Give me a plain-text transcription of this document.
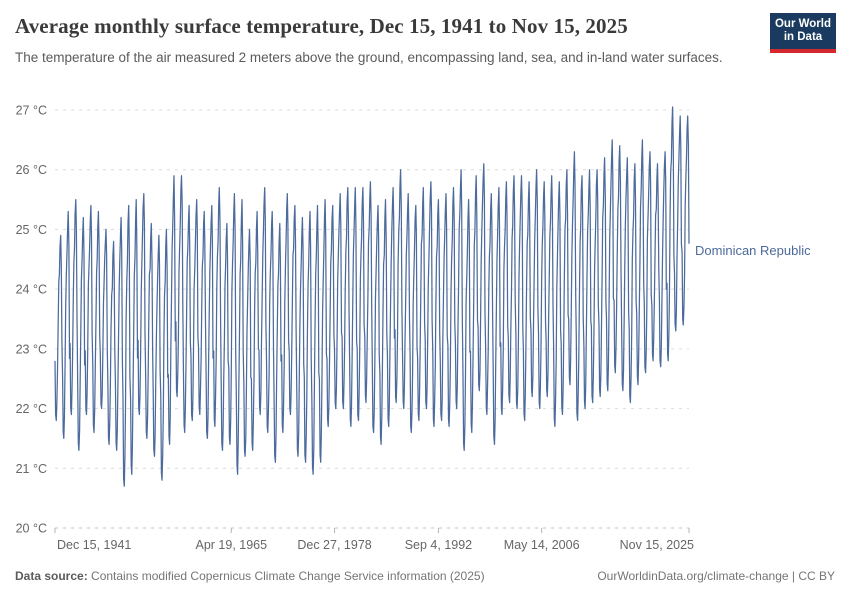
Average monthly surface temperature, Dec 15, 1941 to Nov 15, 2025

The temperature of the air measured 2 meters above the ground, encompassing land, sea, and in-land water surfaces.

Our World
in Data
20 °C
21 °C
22 °C
23 °C
24 °C
25 °C
26 °C
27 °C
Dec 15, 1941	Apr 19, 1965 Dec 27, 1978	Sep 4, 1992	May 14, 2006	Nov 15, 2025
Dominican Republic
Data source: Contains modified Copernicus Climate Change Service information (2025)	OurWorldinData.org/climate-change | CC BY
